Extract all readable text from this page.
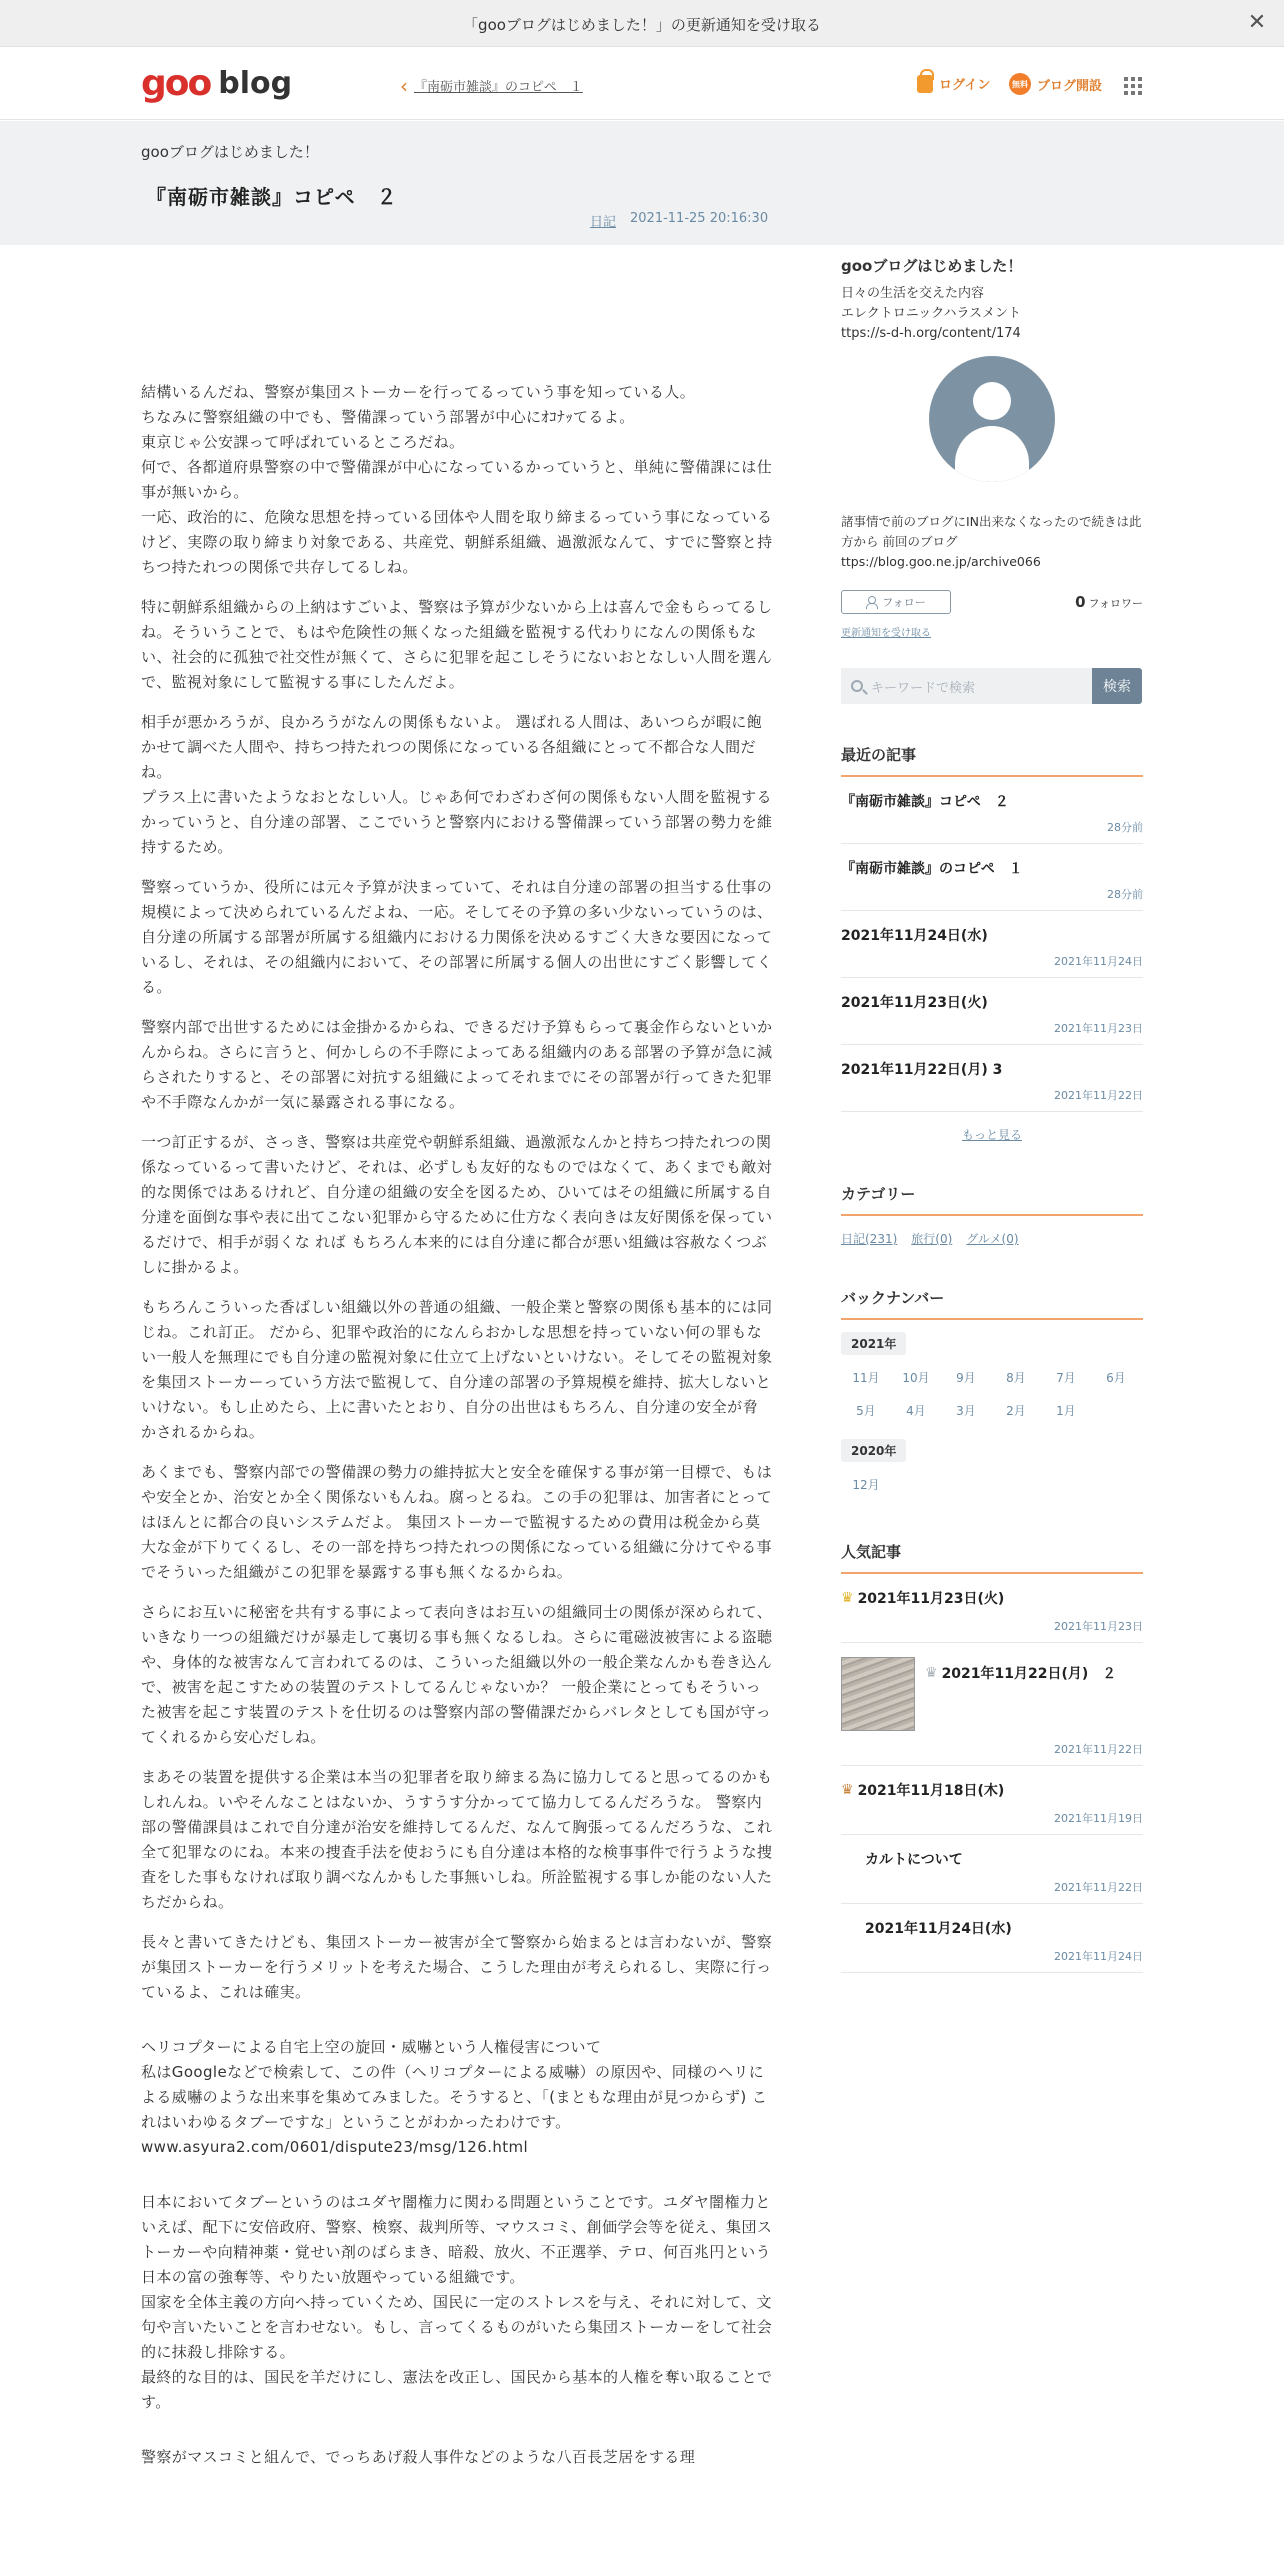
「gooブログはじめました！」の更新通知を受け取る	✕
goo blog	‹ 『南砺市雑談』のコピペ　１	ログイン	無料 ブログ開設
gooブログはじめました！
『南砺市雑談』コピペ　２
日記 2021-11-25 20:16:30

結構いるんだね、警察が集団ストーカーを行ってるっていう事を知っている人。
ちなみに警察組織の中でも、警備課っていう部署が中心にｵｺﾅｯてるよ。
東京じゃ公安課って呼ばれているところだね。
何で、各都道府県警察の中で警備課が中心になっているかっていうと、単純に警備課には仕事が無いから。
一応、政治的に、危険な思想を持っている団体や人間を取り締まるっていう事になっているけど、実際の取り締まり対象である、共産党、朝鮮系組織、過激派なんて、すでに警察と持ちつ持たれつの関係で共存してるしね。

特に朝鮮系組織からの上納はすごいよ、警察は予算が少ないから上は喜んで金もらってるしね。そういうことで、もはや危険性の無くなった組織を監視する代わりになんの関係もない、社会的に孤独で社交性が無くて、さらに犯罪を起こしそうにないおとなしい人間を選んで、監視対象にして監視する事にしたんだよ。

相手が悪かろうが、良かろうがなんの関係もないよ。 選ばれる人間は、あいつらが暇に飽かせて調べた人間や、持ちつ持たれつの関係になっている各組織にとって不都合な人間だね。
プラス上に書いたようなおとなしい人。じゃあ何でわざわざ何の関係もない人間を監視するかっていうと、自分達の部署、ここでいうと警察内における警備課っていう部署の勢力を維持するため。

警察っていうか、役所には元々予算が決まっていて、それは自分達の部署の担当する仕事の規模によって決められているんだよね、一応。そしてその予算の多い少ないっていうのは、自分達の所属する部署が所属する組織内における力関係を決めるすごく大きな要因になっているし、それは、その組織内において、その部署に所属する個人の出世にすごく影響してくる。

警察内部で出世するためには金掛かるからね、できるだけ予算もらって裏金作らないといかんからね。さらに言うと、何かしらの不手際によってある組織内のある部署の予算が急に減らされたりすると、その部署に対抗する組織によってそれまでにその部署が行ってきた犯罪や不手際なんかが一気に暴露される事になる。

一つ訂正するが、さっき、警察は共産党や朝鮮系組織、過激派なんかと持ちつ持たれつの関係なっているって書いたけど、それは、必ずしも友好的なものではなくて、あくまでも敵対的な関係ではあるけれど、自分達の組織の安全を図るため、ひいてはその組織に所属する自分達を面倒な事や表に出てこない犯罪から守るために仕方なく表向きは友好関係を保っているだけで、相手が弱くな れば もちろん本来的には自分達に都合が悪い組織は容赦なくつぶしに掛かるよ。

もちろんこういった香ばしい組織以外の普通の組織、一般企業と警察の関係も基本的には同じね。これ訂正。 だから、犯罪や政治的になんらおかしな思想を持っていない何の罪もない一般人を無理にでも自分達の監視対象に仕立て上げないといけない。そしてその監視対象を集団ストーカーっていう方法で監視して、自分達の部署の予算規模を維持、拡大しないといけない。もし止めたら、上に書いたとおり、自分の出世はもちろん、自分達の安全が脅かされるからね。

あくまでも、警察内部での警備課の勢力の維持拡大と安全を確保する事が第一目標で、もはや安全とか、治安とか全く関係ないもんね。腐っとるね。この手の犯罪は、加害者にとってはほんとに都合の良いシステムだよ。 集団ストーカーで監視するための費用は税金から莫大な金が下りてくるし、その一部を持ちつ持たれつの関係になっている組織に分けてやる事でそういった組織がこの犯罪を暴露する事も無くなるからね。

さらにお互いに秘密を共有する事によって表向きはお互いの組織同士の関係が深められて、いきなり一つの組織だけが暴走して裏切る事も無くなるしね。さらに電磁波被害による盗聴や、身体的な被害なんて言われてるのは、こういった組織以外の一般企業なんかも巻き込んで、被害を起こすための装置のテストしてるんじゃないか？ 一般企業にとってもそういった被害を起こす装置のテストを仕切るのは警察内部の警備課だからバレタとしても国が守ってくれるから安心だしね。

まあその装置を提供する企業は本当の犯罪者を取り締まる為に協力してると思ってるのかもしれんね。いやそんなことはないか、うすうす分かってて協力してるんだろうな。 警察内部の警備課員はこれで自分達が治安を維持してるんだ、なんて胸張ってるんだろうな、これ全て犯罪なのにね。本来の捜査手法を使おうにも自分達は本格的な検事事件で行うような捜査をした事もなければ取り調べなんかもした事無いしね。所詮監視する事しか能のない人たちだからね。

長々と書いてきたけども、集団ストーカー被害が全て警察から始まるとは言わないが、警察が集団ストーカーを行うメリットを考えた場合、こうした理由が考えられるし、実際に行っているよ、これは確実。

ヘリコプターによる自宅上空の旋回・威嚇という人権侵害について
私はGoogleなどで検索して、この件（ヘリコプターによる威嚇）の原因や、同様のヘリによる威嚇のような出来事を集めてみました。そうすると、「(まともな理由が見つからず) これはいわゆるタブーですな」ということがわかったわけです。　　www.asyura2.com/0601/dispute23/msg/126.html

日本においてタブーというのはユダヤ闇権力に関わる問題ということです。ユダヤ闇権力といえば、配下に安倍政府、警察、検察、裁判所等、マウスコミ、創価学会等を従え、集団ストーカーや向精神薬・覚せい剤のばらまき、暗殺、放火、不正選挙、テロ、何百兆円という日本の富の強奪等、やりたい放題やっている組織です。
国家を全体主義の方向へ持っていくため、国民に一定のストレスを与え、それに対して、文句や言いたいことを言わせない。もし、言ってくるものがいたら集団ストーカーをして社会的に抹殺し排除する。
最終的な目的は、国民を羊だけにし、憲法を改正し、国民から基本的人権を奪い取ることです。

警察がマスコミと組んで、でっちあげ殺人事件などのような八百長芝居をする理

gooブログはじめました！
日々の生活を交えた内容
エレクトロニックハラスメント
ttps://s-d-h.org/content/174
諸事情で前のブログにIN出来なくなったので続きは此方から 前回のブログ ttps://blog.goo.ne.jp/archive066
フォロー	0 フォロワー
更新通知を受け取る
キーワードで検索	検索
最近の記事
『南砺市雑談』コピペ　２
28分前
『南砺市雑談』のコピペ　１
28分前
2021年11月24日(水)
2021年11月24日
2021年11月23日(火)
2021年11月23日
2021年11月22日(月) 3
2021年11月22日
もっと見る
カテゴリー
日記(231) 旅行(0) グルメ(0)
バックナンバー
2021年
11月	10月	9月	8月	7月	6月
5月	4月	3月	2月	1月
2020年
12月
人気記事
♛ 2021年11月23日(火)
2021年11月23日
♛ 2021年11月22日(月)　２
2021年11月22日
♛ 2021年11月18日(木)
2021年11月19日
カルトについて
2021年11月22日
2021年11月24日(水)
2021年11月24日
